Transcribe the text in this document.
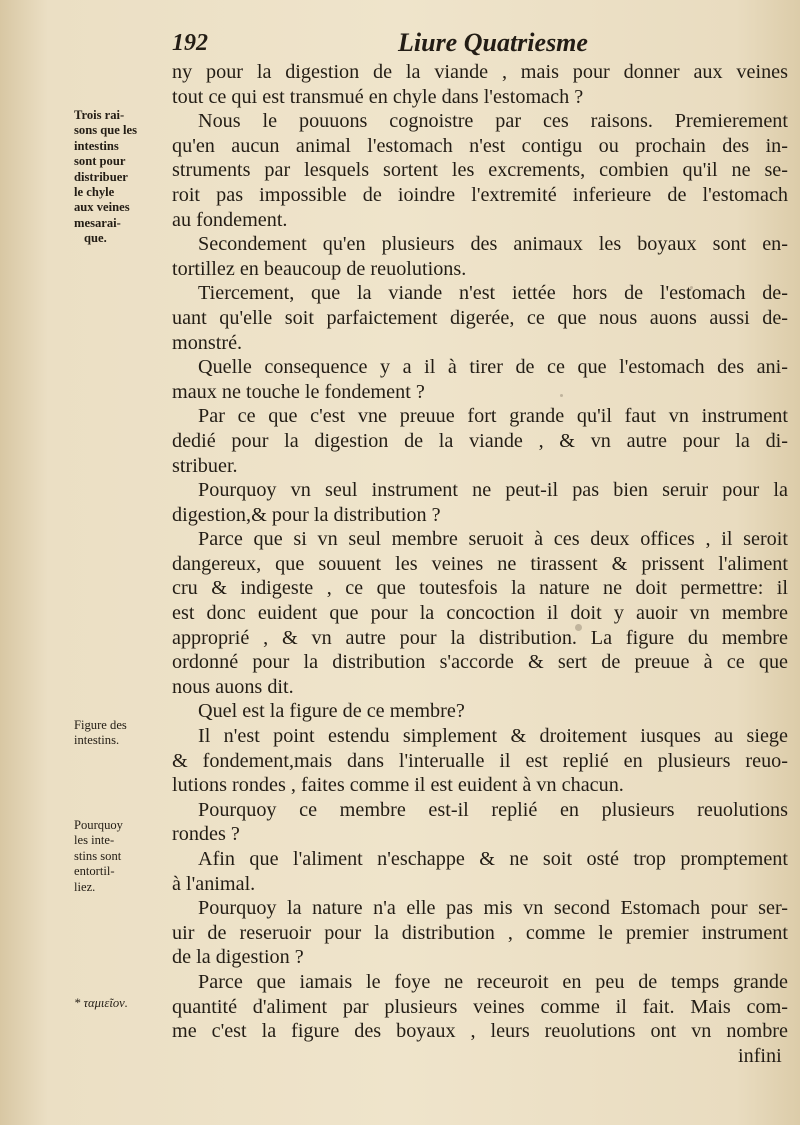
192	Liure Quatriesme
ny pour la digestion de la viande , mais pour donner aux veines
tout ce qui est transmué en chyle dans l'estomach ?
Nous le pouuons cognoistre par ces raisons. Premierement
qu'en aucun animal l'estomach n'est contigu ou prochain des in-
struments par lesquels sortent les excrements, combien qu'il ne se-
roit pas impossible de ioindre l'extremité inferieure de l'estomach
au fondement.
Secondement qu'en plusieurs des animaux les boyaux sont en-
tortillez en beaucoup de reuolutions.
Tiercement, que la viande n'est iettée hors de l'estomach de-
uant qu'elle soit parfaictement digerée, ce que nous auons aussi de-
monstré.
Quelle consequence y a il à tirer de ce que l'estomach des ani-
maux ne touche le fondement ?
Par ce que c'est vne preuue fort grande qu'il faut vn instrument
dedié pour la digestion de la viande , & vn autre pour la di-
stribuer.
Pourquoy vn seul instrument ne peut-il pas bien seruir pour la
digestion,& pour la distribution ?
Parce que si vn seul membre seruoit à ces deux offices , il seroit
dangereux, que souuent les veines ne tirassent & prissent l'aliment
cru & indigeste , ce que toutesfois la nature ne doit permettre: il
est donc euident que pour la concoction il doit y auoir vn membre
approprié , & vn autre pour la distribution. La figure du membre
ordonné pour la distribution s'accorde & sert de preuue à ce que
nous auons dit.
Quel est la figure de ce membre?
Il n'est point estendu simplement & droitement iusques au siege
& fondement,mais dans l'interualle il est replié en plusieurs reuo-
lutions rondes , faites comme il est euident à vn chacun.
Pourquoy ce membre est-il replié en plusieurs reuolutions
rondes ?
Afin que l'aliment n'eschappe & ne soit osté trop promptement
à l'animal.
Pourquoy la nature n'a elle pas mis vn second Estomach pour ser-
uir de reseruoir pour la distribution , comme le premier instrument
de la digestion ?
Parce que iamais le foye ne receuroit en peu de temps grande
quantité d'aliment par plusieurs veines comme il fait. Mais com-
me c'est la figure des boyaux , leurs reuolutions ont vn nombre
infini
Trois rai-
sons que les
intestins
sont pour
distribuer
le chyle
aux veines
mesarai-
que.
Figure des
intestins.
Pourquoy
les inte-
stins sont
entortil-
liez.
* ταμιεῖον.
